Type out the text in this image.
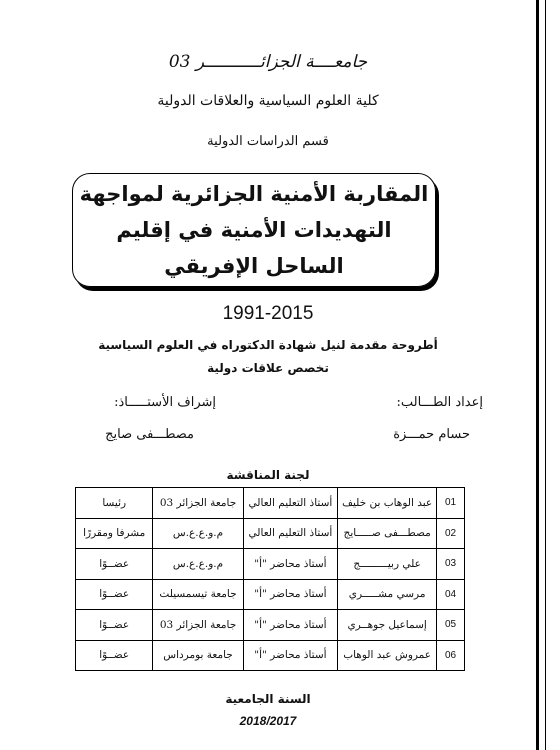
جامعــــة الجزائـــــــــــر 03
كلية العلوم السياسية والعلاقات الدولية
قسم الدراسات الدولية
المقاربة الأمنية الجزائرية لمواجهة
التهديدات الأمنية في إقليم
الساحل الإفريقي
1991-2015
أطروحة مقدمة لنيل شهادة الدكتوراه في العلوم السياسية
تخصص علاقات دولية
إعداد الطـــالب:
إشراف الأستـــــاذ:
حسام حمـــزة
مصطـــفى صايج
لجنة المناقشة
01	عبد الوهاب بن خليف	أستاذ التعليم العالي	جامعة الجزائر 03	رئيسا
02	مصطـــفى صـــــايج	أستاذ التعليم العالي	م.و.ع.ع.س	مشرفا ومقررًا
03	علي ربيـــــــــج	أستاذ محاضر "أ"	م.و.ع.ع.س	عضــوًا
04	مرسي مشـــــري	أستاذ محاضر "أ"	جامعة تيسمسيلت	عضــوًا
05	إسماعيل جوهــري	أستاذ محاضر "أ"	جامعة الجزائر 03	عضــوًا
06	عمروش عبد الوهاب	أستاذ محاضر "أ"	جامعة بومرداس	عضــوًا
السنة الجامعية
2018/2017
